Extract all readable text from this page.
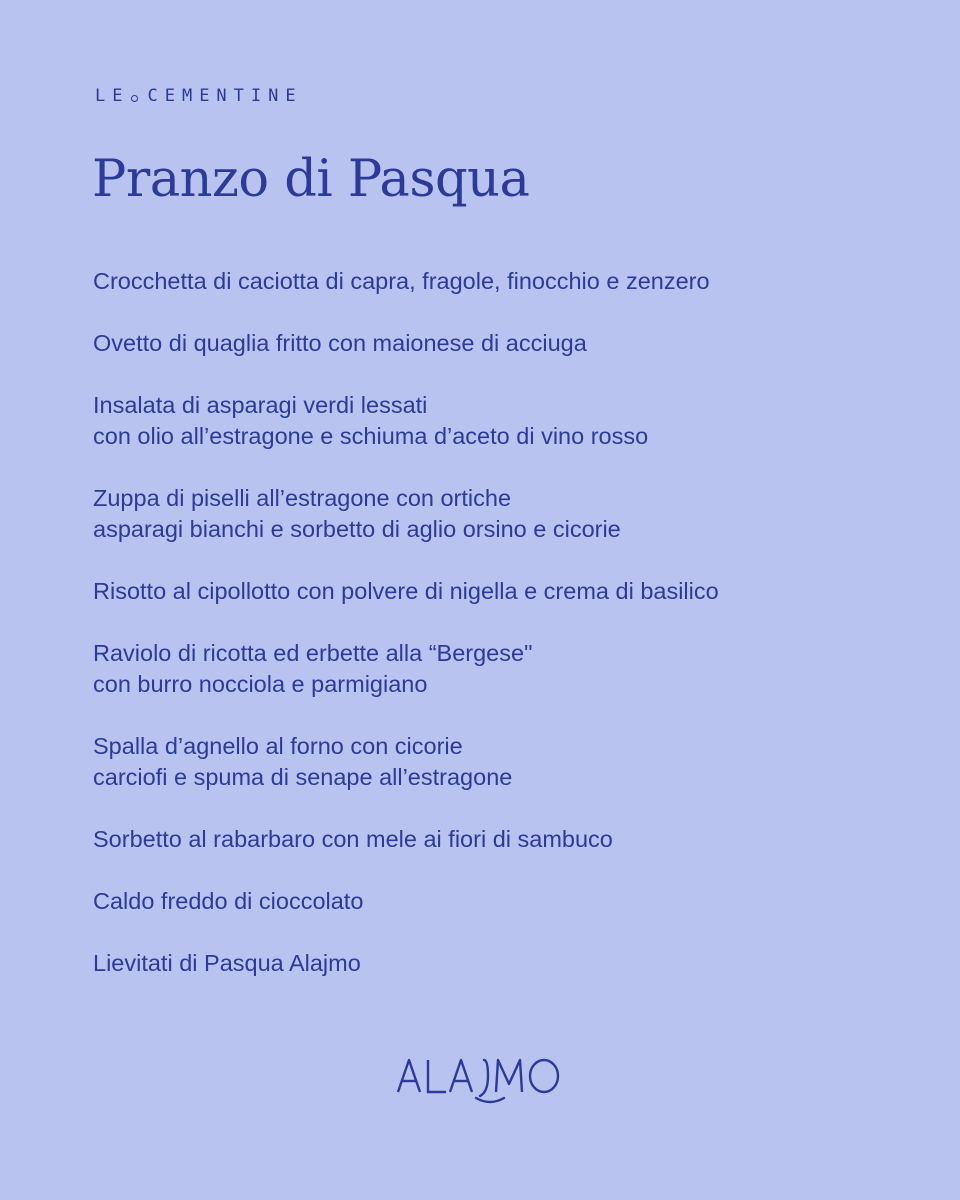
LE CEMENTINE
Pranzo di Pasqua
Crocchetta di caciotta di capra, fragole, finocchio e zenzero
Ovetto di quaglia fritto con maionese di acciuga
Insalata di asparagi verdi lessati
con olio all’estragone e schiuma d’aceto di vino rosso
Zuppa di piselli all’estragone con ortiche
asparagi bianchi e sorbetto di aglio orsino e cicorie
Risotto al cipollotto con polvere di nigella e crema di basilico
Raviolo di ricotta ed erbette alla “Bergese"
con burro nocciola e parmigiano
Spalla d’agnello al forno con cicorie
carciofi e spuma di senape all’estragone
Sorbetto al rabarbaro con mele ai fiori di sambuco
Caldo freddo di cioccolato
Lievitati di Pasqua Alajmo
